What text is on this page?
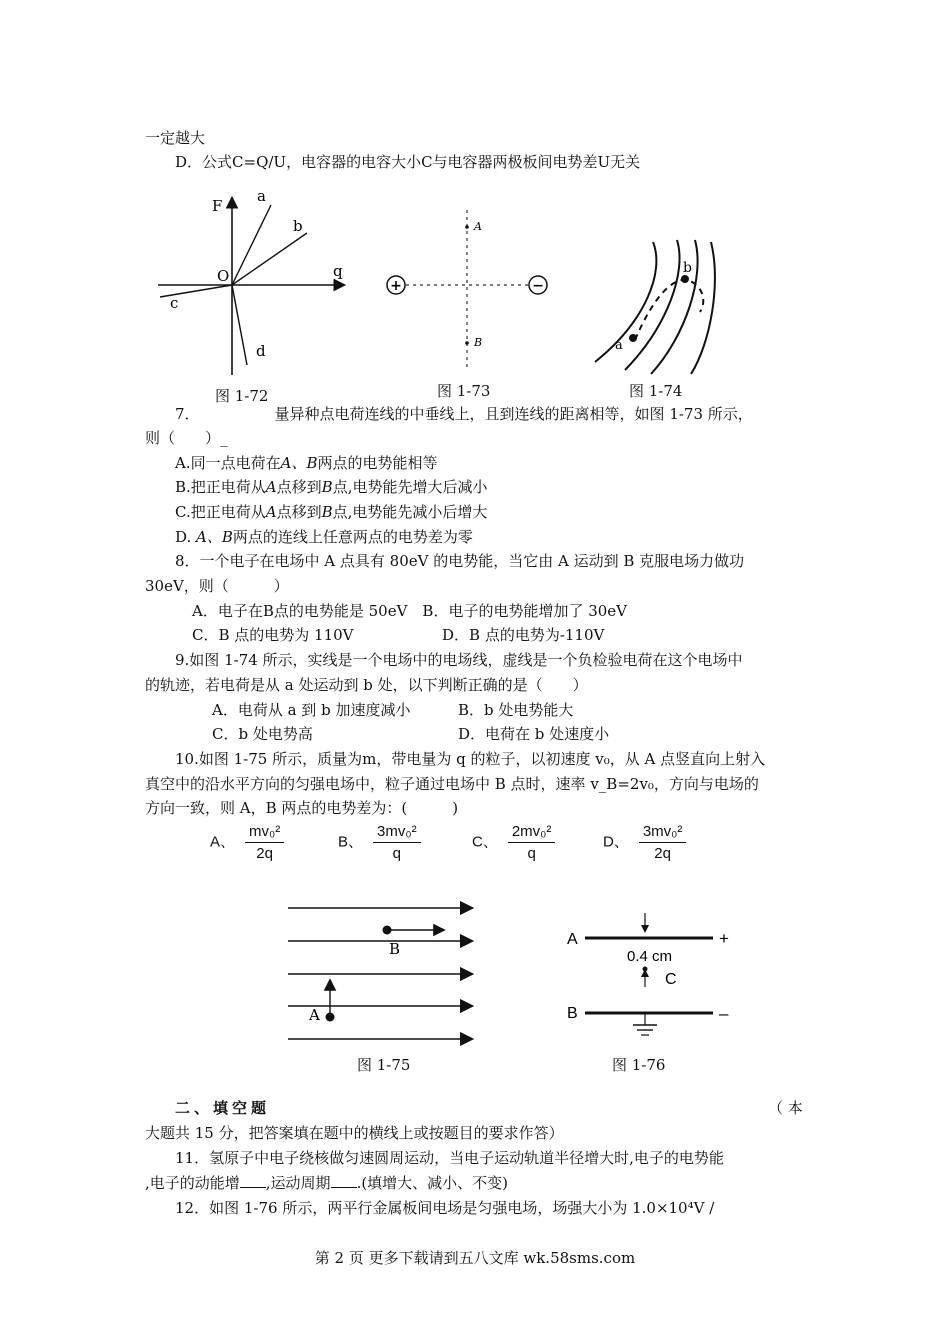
一定越大
D．公式C=Q/U，电容器的电容大小C与电容器两极板间电势差U无关
F
O	q
a
b
c
d
图 1-72
+	−
A
B
图 1-73
a
b
图 1-74
7．     量异种点电荷连线的中垂线上，且到连线的距离相等，如图 1-73 所示，
则（  ）_
A.同一点电荷在A、B两点的电势能相等
B.把正电荷从A点移到B点,电势能先增大后减小
C.把正电荷从A点移到B点,电势能先减小后增大
D. A、B两点的连线上任意两点的电势差为零
8．一个电子在电场中 A 点具有 80eV 的电势能，当它由 A 运动到 B 克服电场力做功
30eV，则（   ）
A．电子在B点的电势能是 50eV B．电子的电势能增加了 30eV
C．B 点的电势为 110V	D．B 点的电势为-110V
9.如图 1-74 所示，实线是一个电场中的电场线，虚线是一个负检验电荷在这个电场中
的轨迹，若电荷是从 a 处运动到 b 处，以下判断正确的是（  ）
A．电荷从 a 到 b 加速度减小	B．b 处电势能大
C．b 处电势高	D．电荷在 b 处速度小
10.如图 1-75 所示，质量为m，带电量为 q 的粒子，以初速度 v₀，从 A 点竖直向上射入
真空中的沿水平方向的匀强电场中，粒子通过电场中 B 点时，速率 v_B=2v₀，方向与电场的
方向一致，则 A，B 两点的电势差为：(   )
A、 $\frac{\text{mv₀²}}{2q}$	B、 $\frac{\text{3mv₀²}}{q}$	C、 $\frac{\text{2mv₀²}}{q}$	D、 $\frac{\text{3mv₀²}}{2q}$
A
B
图 1-75
A
B
C
0.4 cm
+
–
图 1-76
二、填空题	（ 本
大题共 15 分，把答案填在题中的横线上或按题目的要求作答）
11．氢原子中电子绕核做匀速圆周运动，当电子运动轨道半径增大时,电子的电势能
,电子的动能增 ,运动周期 .(填增大、减小、不变)
12．如图 1-76 所示，两平行金属板间电场是匀强电场，场强大小为 1.0×10⁴V /
第 2 页 更多下载请到五八文库 wk.58sms.com
